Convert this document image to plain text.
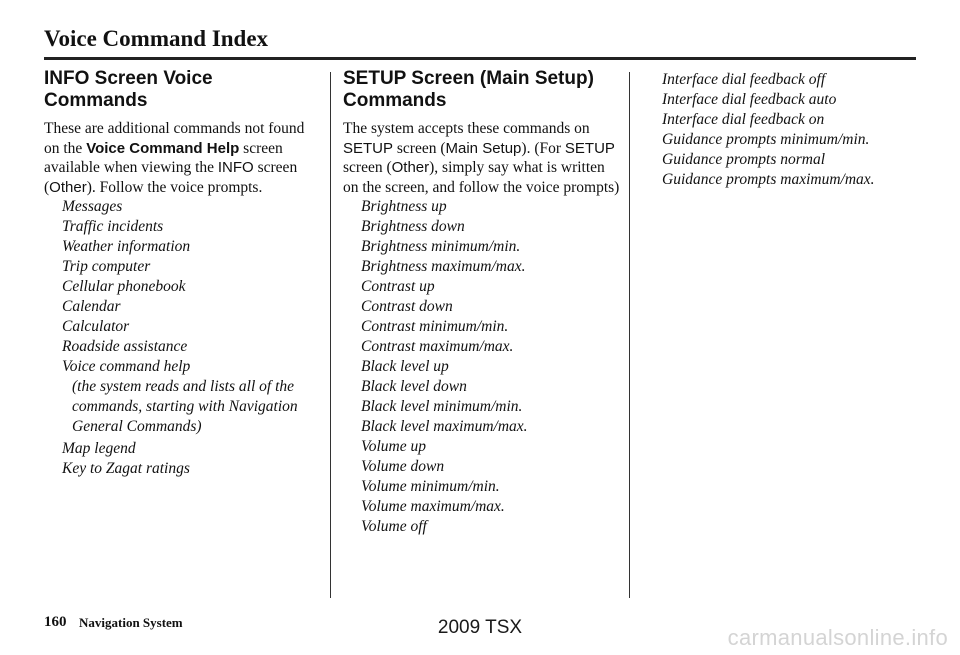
Voice Command Index
INFO Screen Voice
Commands

These are additional commands not found on the Voice Command Help screen available when viewing the INFO screen (Other). Follow the voice prompts.

Messages
Traffic incidents
Weather information
Trip computer
Cellular phonebook
Calendar
Calculator
Roadside assistance
Voice command help
(the system reads and lists all of the commands, starting with Navigation General Commands)
Map legend
Key to Zagat ratings
SETUP Screen (Main Setup)
Commands

The system accepts these commands on SETUP screen (Main Setup). (For SETUP screen (Other), simply say what is written on the screen, and follow the voice prompts)

Brightness up
Brightness down
Brightness minimum/min.
Brightness maximum/max.
Contrast up
Contrast down
Contrast minimum/min.
Contrast maximum/max.
Black level up
Black level down
Black level minimum/min.
Black level maximum/max.
Volume up
Volume down
Volume minimum/min.
Volume maximum/max.
Volume off
Interface dial feedback off
Interface dial feedback auto
Interface dial feedback on
Guidance prompts minimum/min.
Guidance prompts normal
Guidance prompts maximum/max.
160 Navigation System	2009 TSX	carmanualsonline.info
